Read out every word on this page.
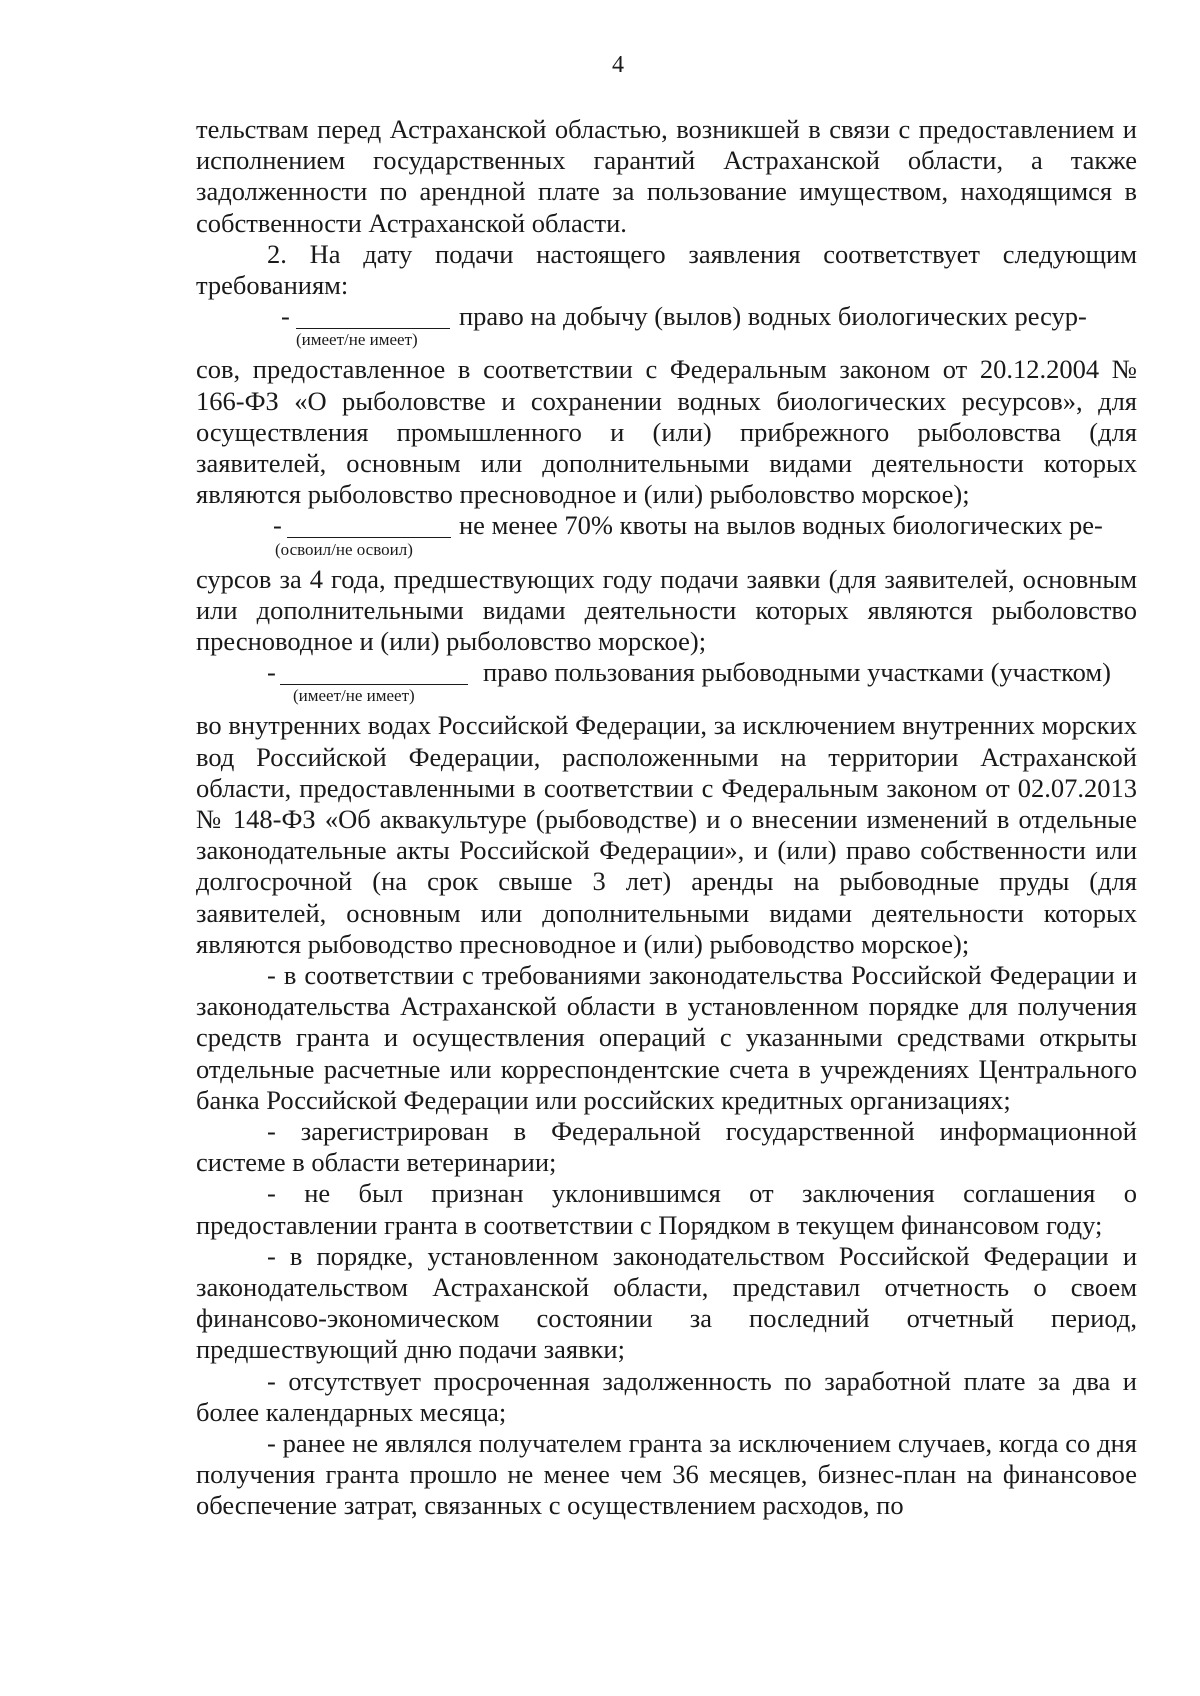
4

тельствам перед Астраханской областью, возникшей в связи с предоставлением и исполнением государственных гарантий Астраханской области, а также задолженности по арендной плате за пользование имуществом, находящимся в собственности Астраханской области.

2. На дату подачи настоящего заявления соответствует следующим требованиям:

-	право на добычу (вылов) водных биологических ресур-
(имеет/не имеет)

сов, предоставленное в соответствии с Федеральным законом от 20.12.2004 № 166-ФЗ «О рыболовстве и сохранении водных биологических ресурсов», для осуществления промышленного и (или) прибрежного рыболовства (для заявителей, основным или дополнительными видами деятельности которых являются рыболовство пресноводное и (или) рыболовство морское);

-	не менее 70% квоты на вылов водных биологических ре-
(освоил/не освоил)

сурсов за 4 года, предшествующих году подачи заявки (для заявителей, основным или дополнительными видами деятельности которых являются рыболовство пресноводное и (или) рыболовство морское);

-	право пользования рыбоводными участками (участком)
(имеет/не имеет)

во внутренних водах Российской Федерации, за исключением внутренних морских вод Российской Федерации, расположенными на территории Астраханской области, предоставленными в соответствии с Федеральным законом от 02.07.2013 № 148-ФЗ «Об аквакультуре (рыбоводстве) и о внесении изменений в отдельные законодательные акты Российской Федерации», и (или) право собственности или долгосрочной (на срок свыше 3 лет) аренды на рыбоводные пруды (для заявителей, основным или дополнительными видами деятельности которых являются рыбоводство пресноводное и (или) рыбоводство морское);

- в соответствии с требованиями законодательства Российской Федерации и законодательства Астраханской области в установленном порядке для получения средств гранта и осуществления операций с указанными средствами открыты отдельные расчетные или корреспондентские счета в учреждениях Центрального банка Российской Федерации или российских кредитных организациях;

- зарегистрирован в Федеральной государственной информационной системе в области ветеринарии;

- не был признан уклонившимся от заключения соглашения о предоставлении гранта в соответствии с Порядком в текущем финансовом году;

- в порядке, установленном законодательством Российской Федерации и законодательством Астраханской области, представил отчетность о своем финансово-экономическом состоянии за последний отчетный период, предшествующий дню подачи заявки;

- отсутствует просроченная задолженность по заработной плате за два и более календарных месяца;

- ранее не являлся получателем гранта за исключением случаев, когда со дня получения гранта прошло не менее чем 36 месяцев, бизнес-план на финансовое обеспечение затрат, связанных с осуществлением расходов, по
